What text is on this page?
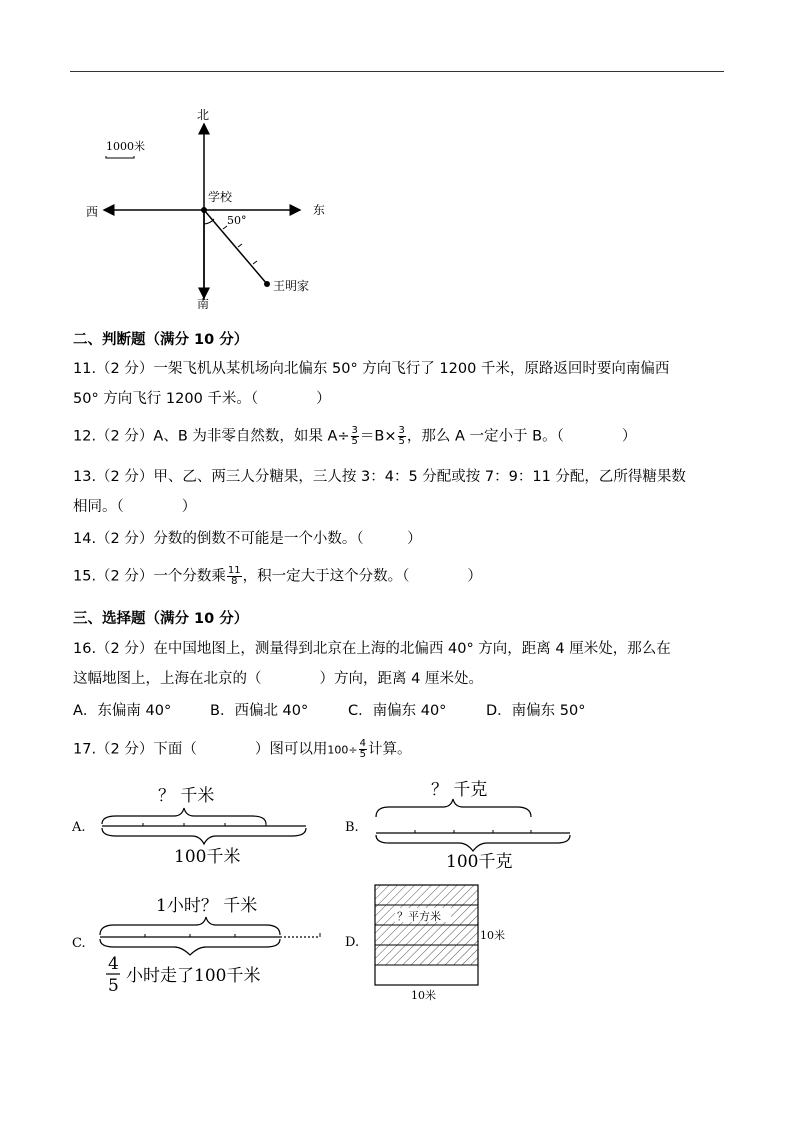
北
南
东
西
1000米
学校
50°
王明家
二、判断题（满分 10 分）
11.（2 分）一架飞机从某机场向北偏东 50° 方向飞行了 1200 千米，原路返回时要向南偏西
50° 方向飞行 1200 千米。（　　　　）
12.（2 分）A、B 为非零自然数，如果 $A\div \frac{3}{5} =B\times \frac{3}{5}$ ，那么 A 一定小于 B。（　　　　）
13.（2 分）甲、乙、两三人分糖果，三人按 3：4：5 分配或按 7：9：11 分配，乙所得糖果数
相同。（　　　　）
14.（2 分）分数的倒数不可能是一个小数。（　　　）
15.（2 分）一个分数乘 $\frac{11}{8}$ ，积一定大于这个分数。（　　　　）
三、选择题（满分 10 分）
16.（2 分）在中国地图上，测量得到北京在上海的北偏西 40° 方向，距离 4 厘米处，那么在
这幅地图上，上海在北京的（　　　　）方向，距离 4 厘米处。
A．东偏南 40°	B．西偏北 40°	C．南偏东 40°	D．南偏东 50°
17.（2 分）下面（　　　　）图可以用$100\div \frac{4}{5}$ 计算。
A.
？ 千米
100千米
B.
？ 千克
100千克
C.
1小时？ 千米
4
5 小时走了100千米
D.
？平方米
10米
10米
